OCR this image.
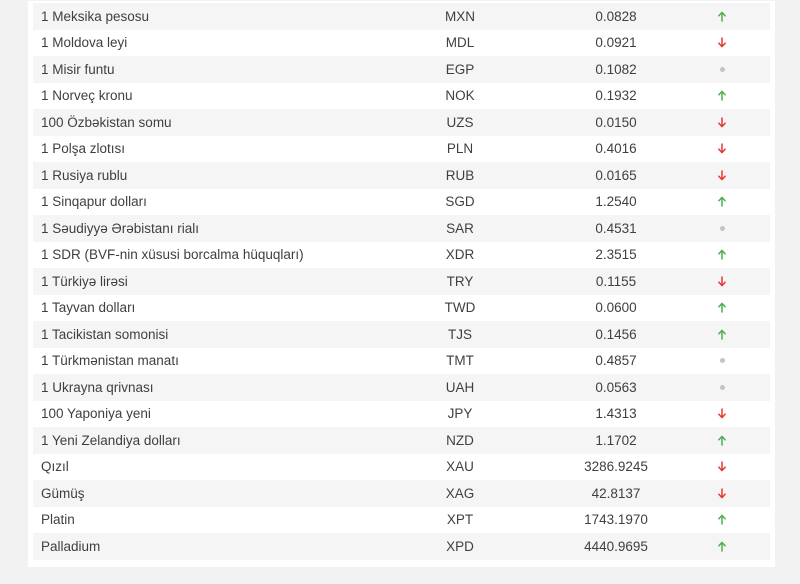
1 Meksika pesosu	MXN	0.0828
1 Moldova leyi	MDL	0.0921
1 Misir funtu	EGP	0.1082
1 Norveç kronu	NOK	0.1932
100 Özbəkistan somu	UZS	0.0150
1 Polşa zlotısı	PLN	0.4016
1 Rusiya rublu	RUB	0.0165
1 Sinqapur dolları	SGD	1.2540
1 Səudiyyə Ərəbistanı rialı	SAR	0.4531
1 SDR (BVF-nin xüsusi borcalma hüquqları)	XDR	2.3515
1 Türkiyə lirəsi	TRY	0.1155
1 Tayvan dolları	TWD	0.0600
1 Tacikistan somonisi	TJS	0.1456
1 Türkmənistan manatı	TMT	0.4857
1 Ukrayna qrivnası	UAH	0.0563
100 Yaponiya yeni	JPY	1.4313
1 Yeni Zelandiya dolları	NZD	1.1702
Qızıl	XAU	3286.9245
Gümüş	XAG	42.8137
Platin	XPT	1743.1970
Palladium	XPD	4440.9695
